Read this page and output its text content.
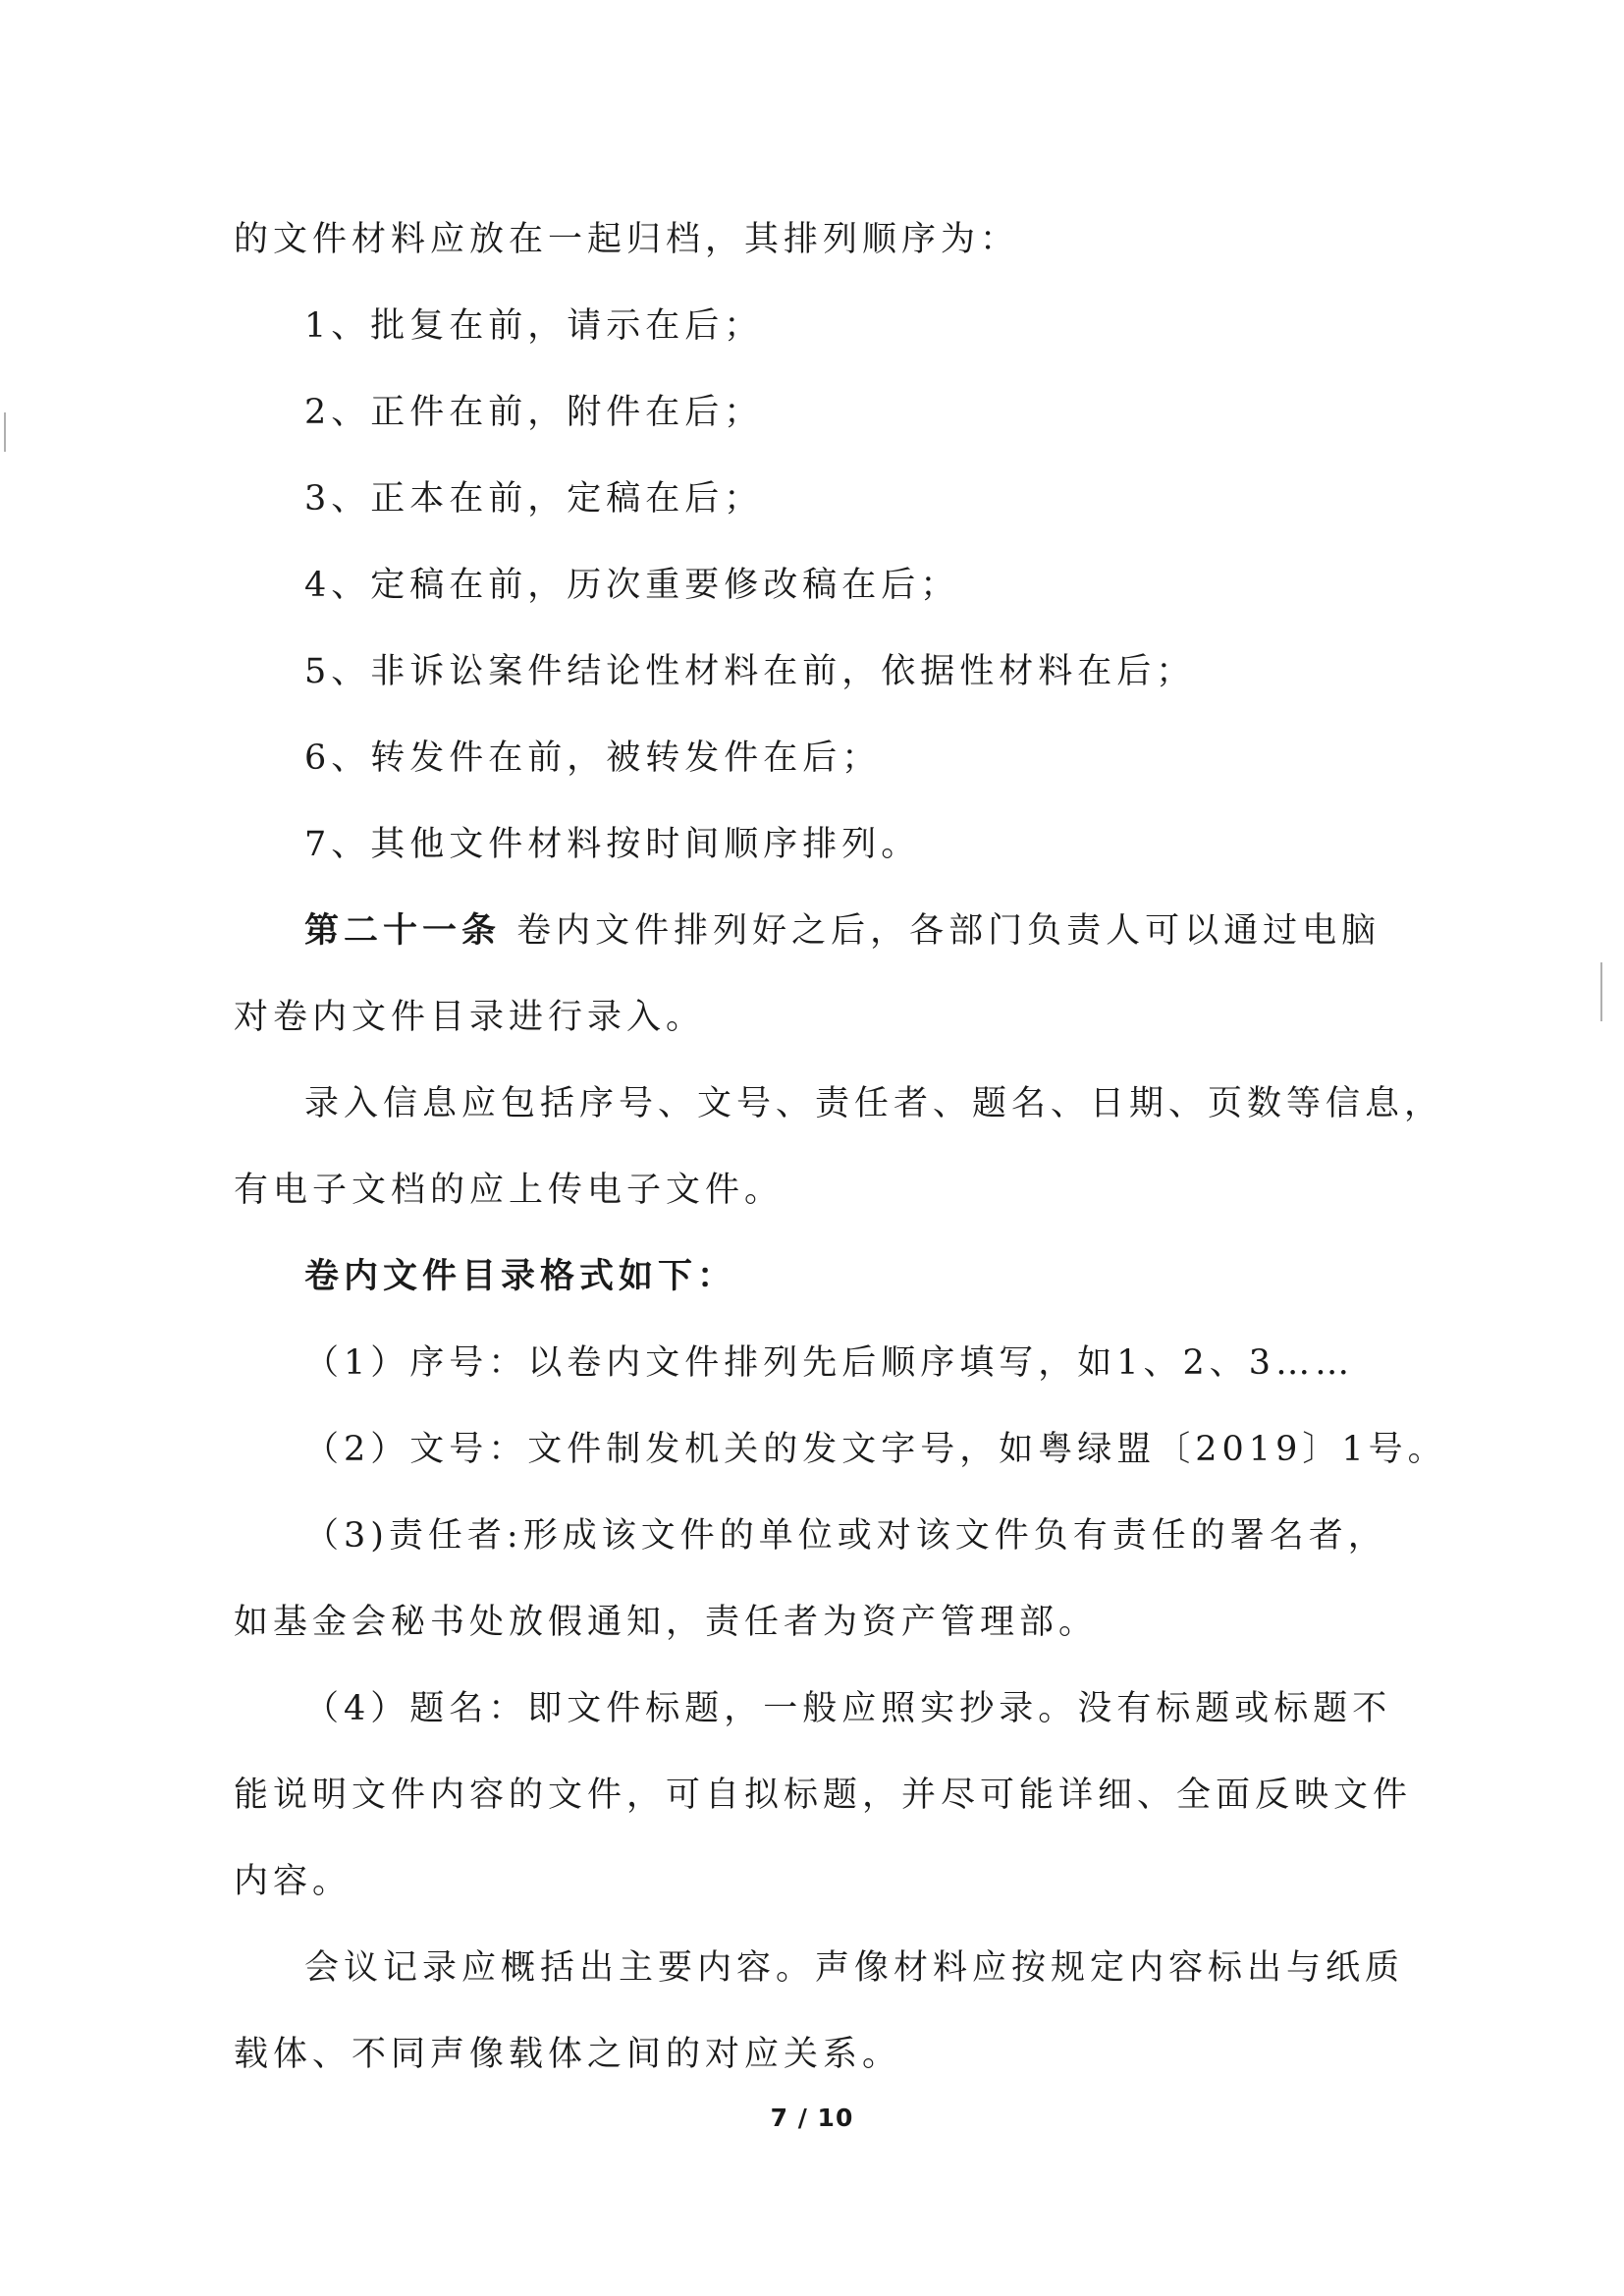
的文件材料应放在一起归档，其排列顺序为：
1、批复在前，请示在后；
2、正件在前，附件在后；
3、正本在前，定稿在后；
4、定稿在前，历次重要修改稿在后；
5、非诉讼案件结论性材料在前，依据性材料在后；
6、转发件在前，被转发件在后；
7、其他文件材料按时间顺序排列。
第二十一条 卷内文件排列好之后，各部门负责人可以通过电脑
对卷内文件目录进行录入。
录入信息应包括序号、文号、责任者、题名、日期、页数等信息，
有电子文档的应上传电子文件。
卷内文件目录格式如下：
（1）序号：以卷内文件排列先后顺序填写，如1、2、3……
（2）文号：文件制发机关的发文字号，如粤绿盟〔2019〕1号。
（3)责任者:形成该文件的单位或对该文件负有责任的署名者，
如基金会秘书处放假通知，责任者为资产管理部。
（4）题名：即文件标题，一般应照实抄录。没有标题或标题不
能说明文件内容的文件，可自拟标题，并尽可能详细、全面反映文件
内容。
会议记录应概括出主要内容。声像材料应按规定内容标出与纸质
载体、不同声像载体之间的对应关系。
7 / 10
